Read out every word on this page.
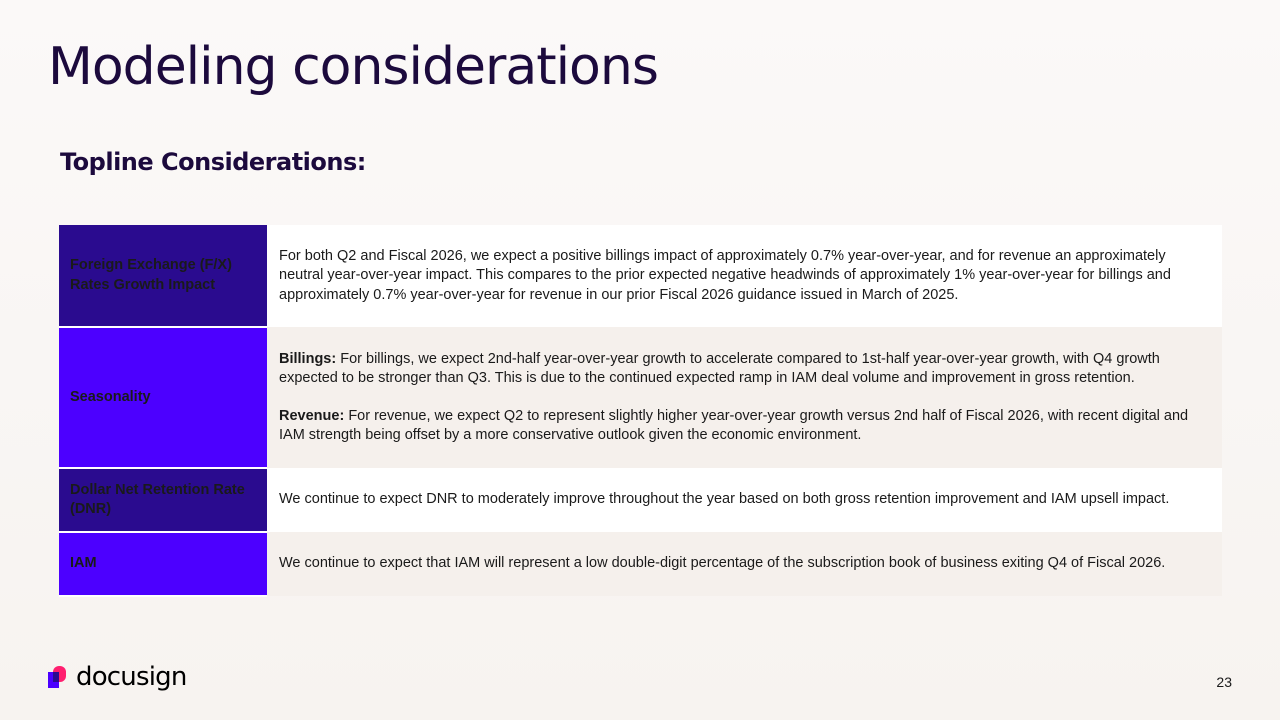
Modeling considerations
Topline Considerations:
Foreign Exchange (F/X) Rates Growth Impact	For both Q2 and Fiscal 2026, we expect a positive billings impact of approximately 0.7% year-over-year, and for revenue an approximately neutral year-over-year impact. This compares to the prior expected negative headwinds of approximately 1% year-over-year for billings and approximately 0.7% year-over-year for revenue in our prior Fiscal 2026 guidance issued in March of 2025.
Seasonality	Billings: For billings, we expect 2nd-half year-over-year growth to accelerate compared to 1st-half year-over-year growth, with Q4 growth expected to be stronger than Q3. This is due to the continued expected ramp in IAM deal volume and improvement in gross retention.
Revenue: For revenue, we expect Q2 to represent slightly higher year-over-year growth versus 2nd half of Fiscal 2026, with recent digital and IAM strength being offset by a more conservative outlook given the economic environment.

Dollar Net Retention Rate (DNR)	We continue to expect DNR to moderately improve throughout the year based on both gross retention improvement and IAM upsell impact.
IAM	We continue to expect that IAM will represent a low double-digit percentage of the subscription book of business exiting Q4 of Fiscal 2026.
docusign	23
